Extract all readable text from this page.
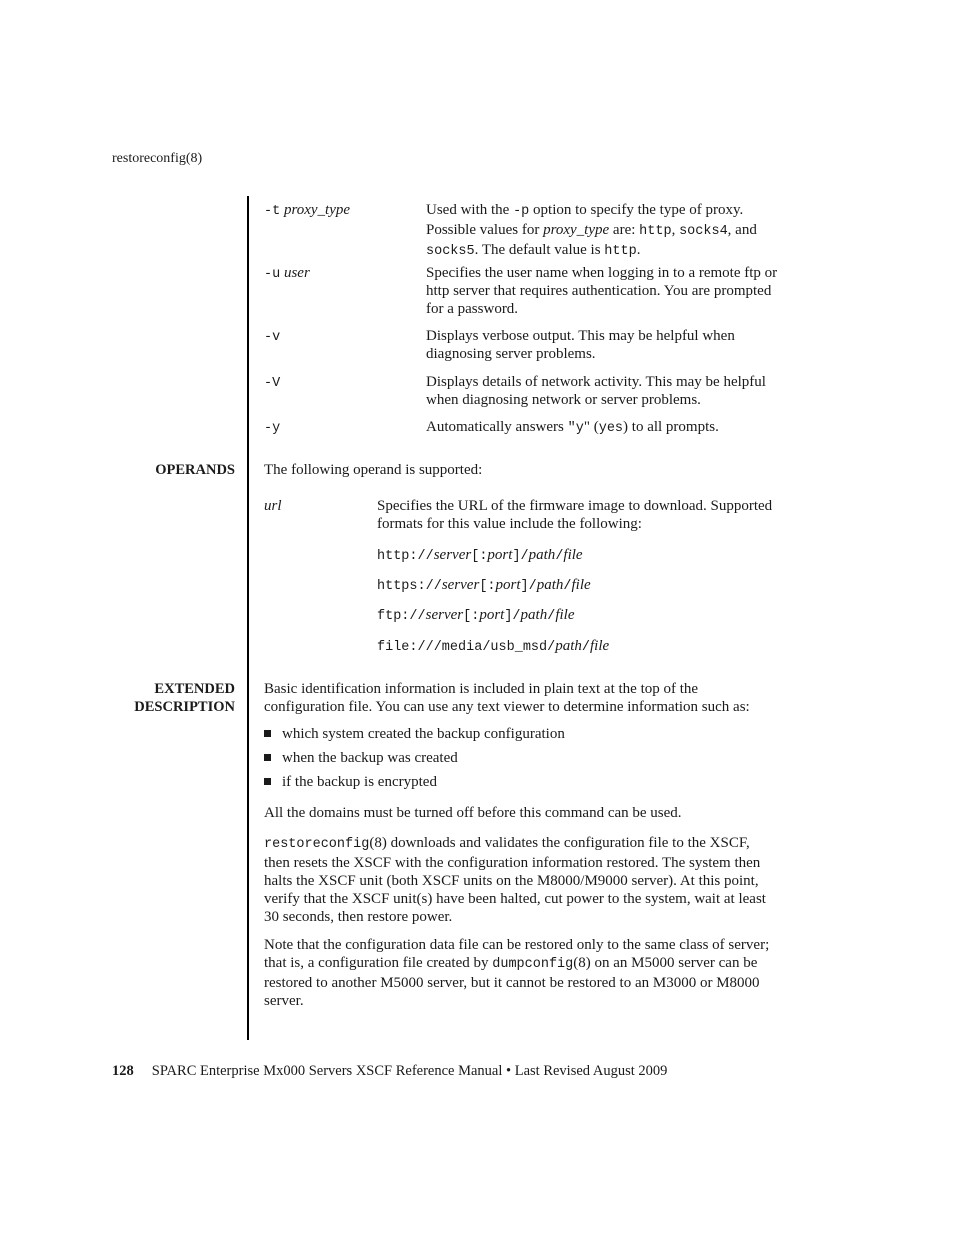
restoreconfig(8)
-t proxy_type	Used with the -p option to specify the type of proxy.
Possible values for proxy_type are: http, socks4, and
socks5. The default value is http.
-u user	Specifies the user name when logging in to a remote ftp or
http server that requires authentication. You are prompted
for a password.
-v	Displays verbose output. This may be helpful when
diagnosing server problems.
-V	Displays details of network activity. This may be helpful
when diagnosing network or server problems.
-y	Automatically answers "y" (yes) to all prompts.
OPERANDS The following operand is supported:
url	Specifies the URL of the firmware image to download. Supported
formats for this value include the following:
http://server[:port]/path/file
https://server[:port]/path/file
ftp://server[:port]/path/file
file:///media/usb_msd/path/file
EXTENDED
DESCRIPTION
Basic identification information is included in plain text at the top of the
configuration file. You can use any text viewer to determine information such as:
which system created the backup configuration
when the backup was created
if the backup is encrypted
All the domains must be turned off before this command can be used.
restoreconfig(8) downloads and validates the configuration file to the XSCF,
then resets the XSCF with the configuration information restored. The system then
halts the XSCF unit (both XSCF units on the M8000/M9000 server). At this point,
verify that the XSCF unit(s) have been halted, cut power to the system, wait at least
30 seconds, then restore power.
Note that the configuration data file can be restored only to the same class of server;
that is, a configuration file created by dumpconfig(8) on an M5000 server can be
restored to another M5000 server, but it cannot be restored to an M3000 or M8000
server.
128 SPARC Enterprise Mx000 Servers XSCF Reference Manual • Last Revised August 2009
